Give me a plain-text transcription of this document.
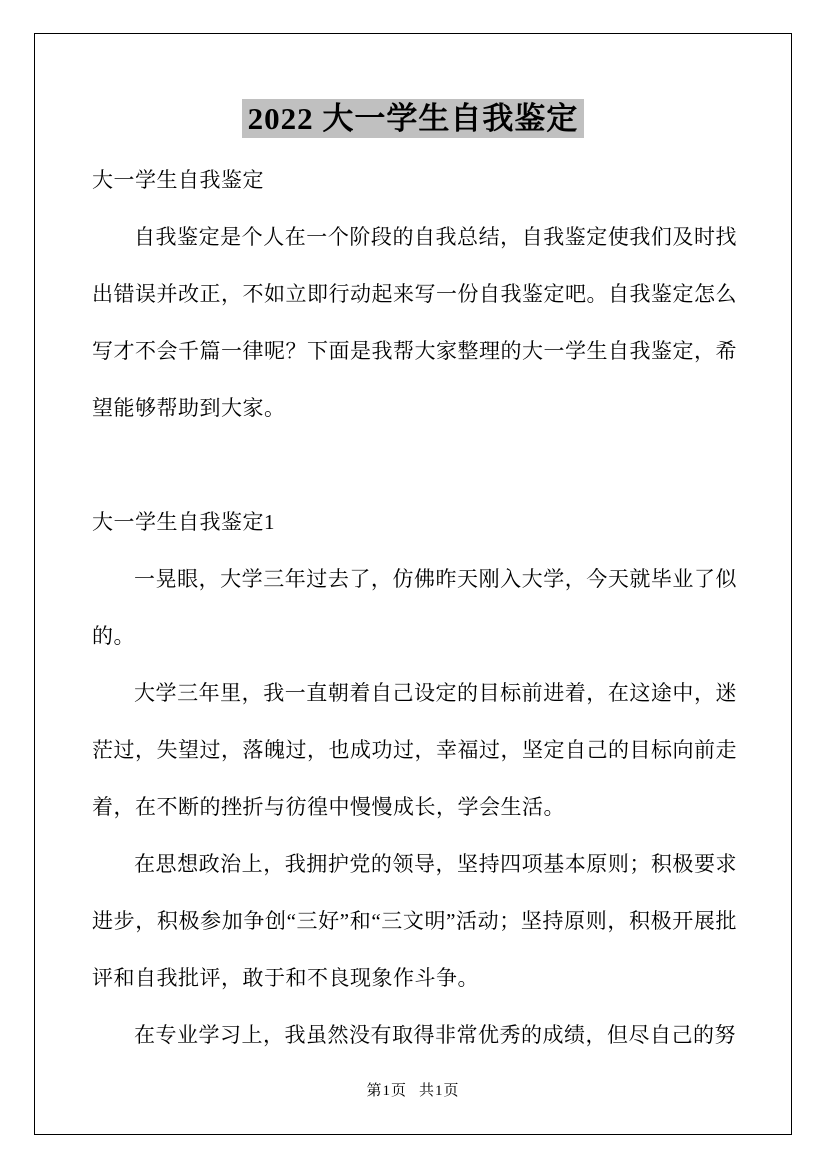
2022 大一学生自我鉴定

大一学生自我鉴定

自我鉴定是个人在一个阶段的自我总结，自我鉴定使我们及时找出错误并改正，不如立即行动起来写一份自我鉴定吧。自我鉴定怎么写才不会千篇一律呢？下面是我帮大家整理的大一学生自我鉴定，希望能够帮助到大家。

大一学生自我鉴定1

一晃眼，大学三年过去了，仿佛昨天刚入大学，今天就毕业了似的。

大学三年里，我一直朝着自己设定的目标前进着，在这途中，迷茫过，失望过，落魄过，也成功过，幸福过，坚定自己的目标向前走着，在不断的挫折与彷徨中慢慢成长，学会生活。

在思想政治上，我拥护党的领导，坚持四项基本原则；积极要求进步，积极参加争创“三好”和“三文明”活动；坚持原则，积极开展批评和自我批评，敢于和不良现象作斗争。

在专业学习上，我虽然没有取得非常优秀的成绩，但尽自己的努

第1页 共1页
